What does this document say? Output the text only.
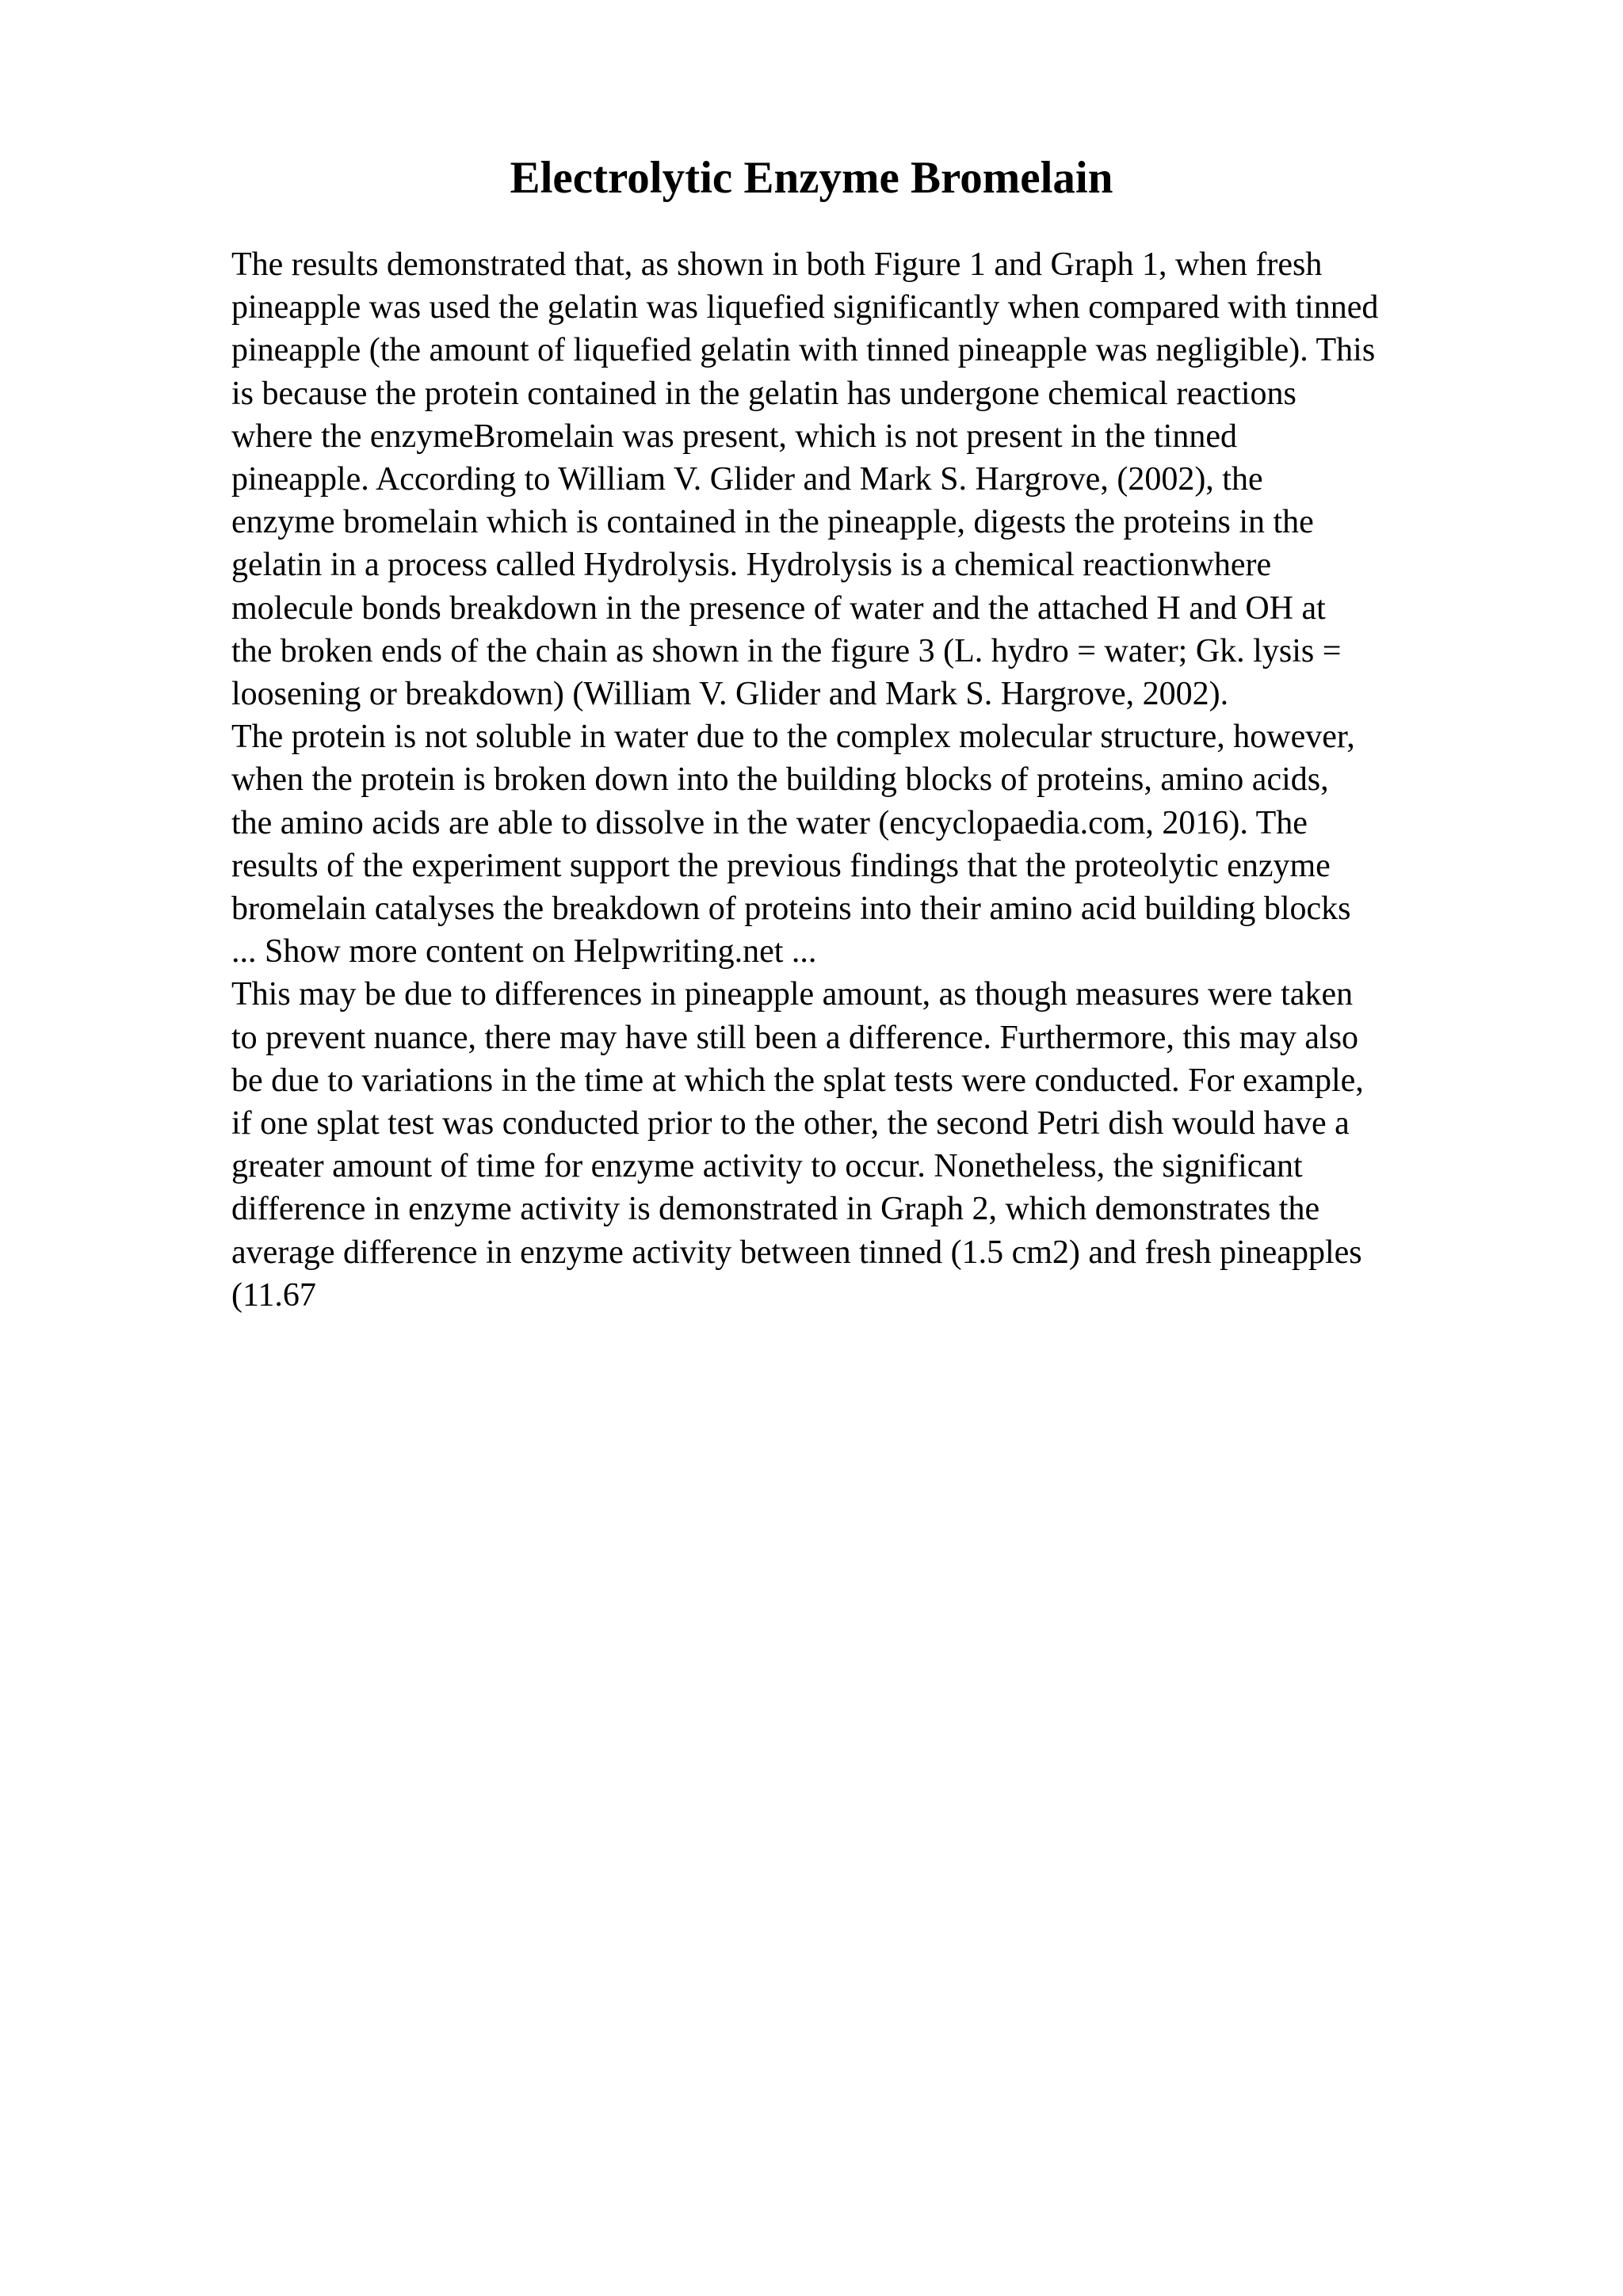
Electrolytic Enzyme Bromelain
The results demonstrated that, as shown in both Figure 1 and Graph 1, when fresh
pineapple was used the gelatin was liquefied significantly when compared with tinned
pineapple (the amount of liquefied gelatin with tinned pineapple was negligible). This
is because the protein contained in the gelatin has undergone chemical reactions
where the enzymeBromelain was present, which is not present in the tinned
pineapple. According to William V. Glider and Mark S. Hargrove, (2002), the
enzyme bromelain which is contained in the pineapple, digests the proteins in the
gelatin in a process called Hydrolysis. Hydrolysis is a chemical reactionwhere
molecule bonds breakdown in the presence of water and the attached H and OH at
the broken ends of the chain as shown in the figure 3 (L. hydro = water; Gk. lysis =
loosening or breakdown) (William V. Glider and Mark S. Hargrove, 2002).
The protein is not soluble in water due to the complex molecular structure, however,
when the protein is broken down into the building blocks of proteins, amino acids,
the amino acids are able to dissolve in the water (encyclopaedia.com, 2016). The
results of the experiment support the previous findings that the proteolytic enzyme
bromelain catalyses the breakdown of proteins into their amino acid building blocks
... Show more content on Helpwriting.net ...
This may be due to differences in pineapple amount, as though measures were taken
to prevent nuance, there may have still been a difference. Furthermore, this may also
be due to variations in the time at which the splat tests were conducted. For example,
if one splat test was conducted prior to the other, the second Petri dish would have a
greater amount of time for enzyme activity to occur. Nonetheless, the significant
difference in enzyme activity is demonstrated in Graph 2, which demonstrates the
average difference in enzyme activity between tinned (1.5 cm2) and fresh pineapples
(11.67
